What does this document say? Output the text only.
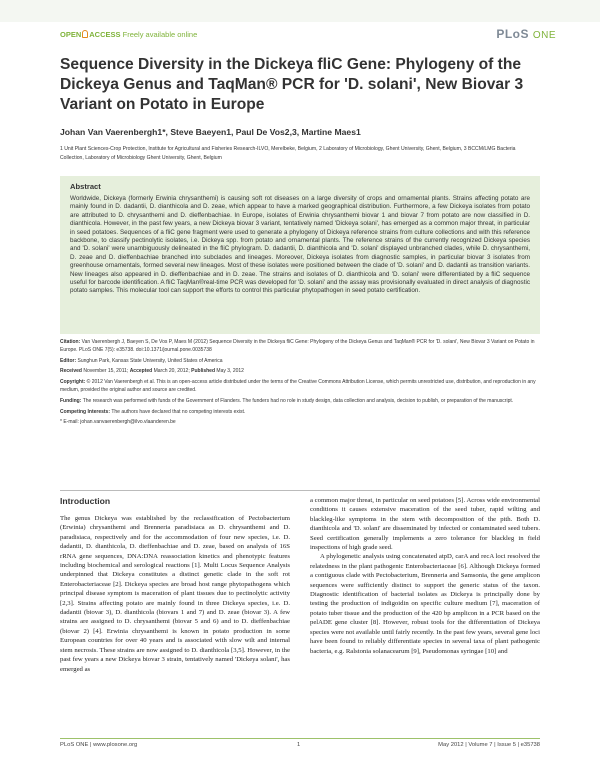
OPEN ACCESS Freely available online	PLoS ONE
Sequence Diversity in the Dickeya fliC Gene: Phylogeny of the Dickeya Genus and TaqMan® PCR for 'D. solani', New Biovar 3 Variant on Potato in Europe
Johan Van Vaerenbergh1*, Steve Baeyen1, Paul De Vos2,3, Martine Maes1
1 Unit Plant Sciences-Crop Protection, Institute for Agricultural and Fisheries Research-ILVO, Merelbeke, Belgium, 2 Laboratory of Microbiology, Ghent University, Ghent, Belgium, 3 BCCM/LMG Bacteria Collection, Laboratory of Microbiology Ghent University, Ghent, Belgium
Abstract

Worldwide, Dickeya (formerly Erwinia chrysanthemi) is causing soft rot diseases on a large diversity of crops and ornamental plants. Strains affecting potato are mainly found in D. dadantii, D. dianthicola and D. zeae, which appear to have a marked geographical distribution. Furthermore, a few Dickeya isolates from potato are attributed to D. chrysanthemi and D. dieffenbachiae. In Europe, isolates of Erwinia chrysanthemi biovar 1 and biovar 7 from potato are now classified in D. dianthicola. However, in the past few years, a new Dickeya biovar 3 variant, tentatively named 'Dickeya solani', has emerged as a common major threat, in particular in seed potatoes. Sequences of a fliC gene fragment were used to generate a phylogeny of Dickeya reference strains from culture collections and with this reference backbone, to classify pectinolytic isolates, i.e. Dickeya spp. from potato and ornamental plants. The reference strains of the currently recognized Dickeya species and 'D. solani' were unambiguously delineated in the fliC phylogram. D. dadantii, D. dianthicola and 'D. solani' displayed unbranched clades, while D. chrysanthemi, D. zeae and D. dieffenbachiae branched into subclades and lineages. Moreover, Dickeya isolates from diagnostic samples, in particular biovar 3 isolates from greenhouse ornamentals, formed several new lineages. Most of these isolates were positioned between the clade of 'D. solani' and D. dadantii as transition variants. New lineages also appeared in D. dieffenbachiae and in D. zeae. The strains and isolates of D. dianthicola and 'D. solani' were differentiated by a fliC sequence useful for barcode identification. A fliC TaqMan®real-time PCR was developed for 'D. solani' and the assay was provisionally evaluated in direct analysis of diagnostic potato samples. This molecular tool can support the efforts to control this particular phytopathogen in seed potato certification.

Citation: Van Vaerenbergh J, Baeyen S, De Vos P, Maes M (2012) Sequence Diversity in the Dickeya fliC Gene: Phylogeny of the Dickeya Genus and TaqMan® PCR for 'D. solani', New Biovar 3 Variant on Potato in Europe. PLoS ONE 7(5): e35738. doi:10.1371/journal.pone.0035738
Editor: Sunghun Park, Kansas State University, United States of America
Received November 15, 2011; Accepted March 20, 2012; Published May 3, 2012
Copyright: © 2012 Van Vaerenbergh et al. This is an open-access article distributed under the terms of the Creative Commons Attribution License, which permits unrestricted use, distribution, and reproduction in any medium, provided the original author and source are credited.
Funding: The research was performed with funds of the Government of Flanders. The funders had no role in study design, data collection and analysis, decision to publish, or preparation of the manuscript.
Competing Interests: The authors have declared that no competing interests exist.
* E-mail: johan.vanvaerenbergh@ilvo.vlaanderen.be
Introduction

The genus Dickeya was established by the reclassification of Pectobacterium (Erwinia) chrysanthemi and Brenneria paradisiaca as D. chrysanthemi and D. paradisiaca, respectively and for the accommodation of four new species, i.e. D. dadantii, D. dianthicola, D. dieffenbachiae and D. zeae, based on analysis of 16S rRNA gene sequences, DNA:DNA reassociation kinetics and phenotypic features including biochemical and serological reactions [1]. Multi Locus Sequence Analysis underpinned that Dickeya constitutes a distinct genetic clade in the soft rot Enterobacteriaceae [2]. Dickeya species are broad host range phytopathogens which principal disease symptom is maceration of plant tissues due to pectinolytic activity [2,3]. Strains affecting potato are mainly found in three Dickeya species, i.e. D. dadantii (biovar 3), D. dianthicola (biovars 1 and 7) and D. zeae (biovar 3). A few strains are assigned to D. chrysanthemi (biovar 5 and 6) and to D. dieffenbachiae (biovar 2) [4]. Erwinia chrysanthemi is known in potato production in some European countries for over 40 years and is associated with slow wilt and internal stem necrosis. These strains are now assigned to D. dianthicola [3,5]. However, in the past few years a new Dickeya biovar 3 strain, tentatively named 'Dickeya solani', has emerged as

a common major threat, in particular on seed potatoes [5]. Across wide environmental conditions it causes extensive maceration of the seed tuber, rapid wilting and blackleg-like symptoms in the stem with decomposition of the pith. Both D. dianthicola and 'D. solani' are disseminated by infected or contaminated seed tubers. Seed certification generally implements a zero tolerance for blackleg in field inspections of high grade seed.

A phylogenetic analysis using concatenated atpD, carA and recA loci resolved the relatedness in the plant pathogenic Enterobacteriaceae [6]. Although Dickeya formed a contiguous clade with Pectobacterium, Brenneria and Samsonia, the gene amplicon sequences were sufficiently distinct to support the generic status of the taxon. Diagnostic identification of bacterial isolates as Dickeya is principally done by testing the production of indigoidin on specific culture medium [7], maceration of potato tuber tissue and the production of the 420 bp amplicon in a PCR based on the pelADE gene cluster [8]. However, robust tools for the differentiation of Dickeya species were not available until fairly recently. In the past few years, several gene loci have been found to reliably differentiate species in several taxa of plant pathogenic bacteria, e.g. Ralstonia solanacearum [9], Pseudomonas syringae [10] and

PLoS ONE | www.plosone.org	1	May 2012 | Volume 7 | Issue 5 | e35738
